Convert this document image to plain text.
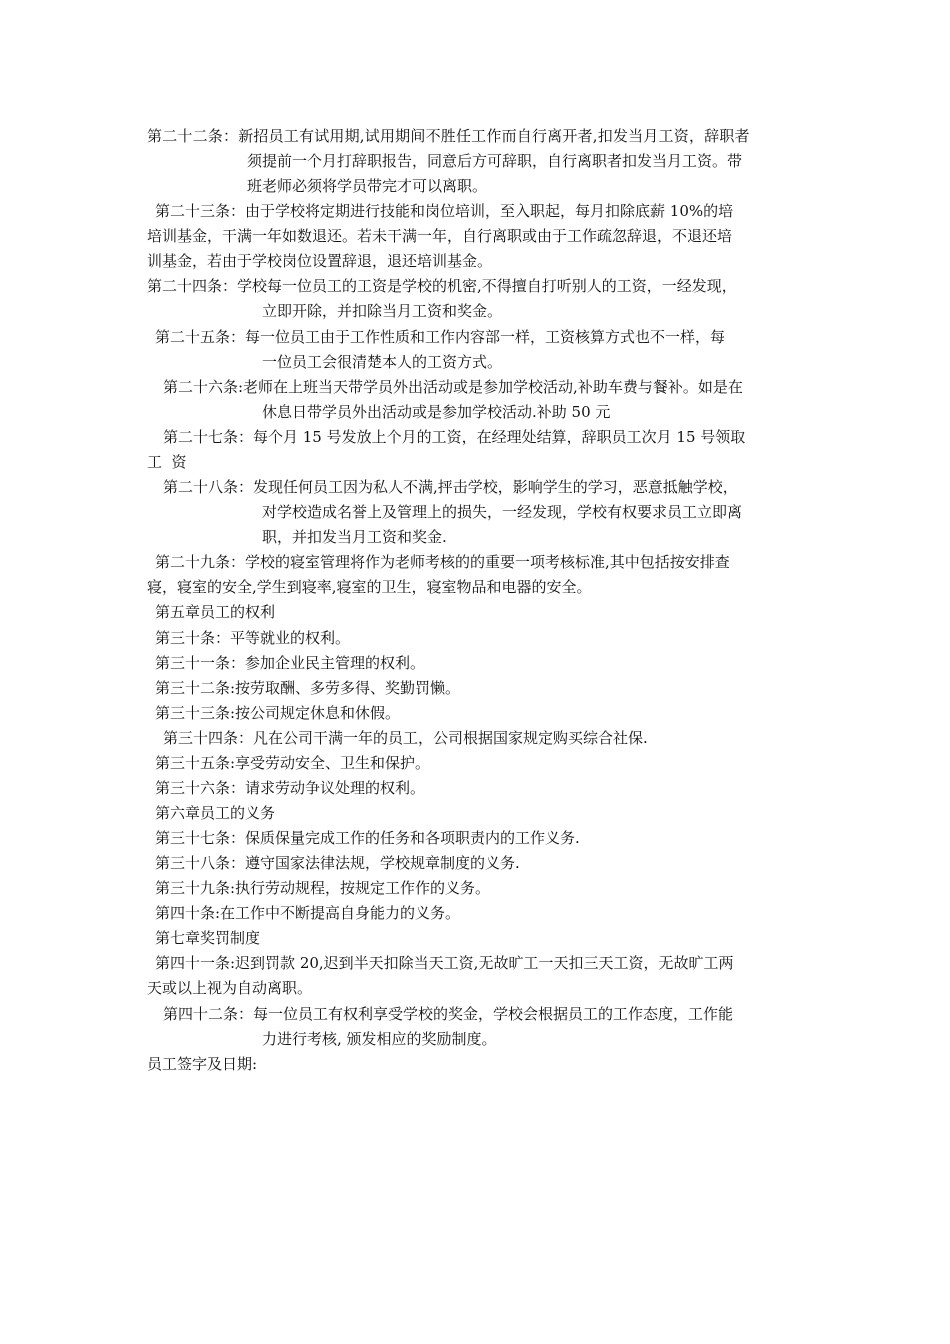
第二十二条：新招员工有试用期,试用期间不胜任工作而自行离开者,扣发当月工资，辞职者
须提前一个月打辞职报告，同意后方可辞职，自行离职者扣发当月工资。带
班老师必须将学员带完才可以离职。
第二十三条：由于学校将定期进行技能和岗位培训，至入职起，每月扣除底薪 10%的培
培训基金，干满一年如数退还。若未干满一年，自行离职或由于工作疏忽辞退，不退还培
训基金，若由于学校岗位设置辞退，退还培训基金。
第二十四条：学校每一位员工的工资是学校的机密,不得擅自打听别人的工资，一经发现，
立即开除，并扣除当月工资和奖金。
第二十五条：每一位员工由于工作性质和工作内容部一样，工资核算方式也不一样，每
一位员工会很清楚本人的工资方式。
第二十六条:老师在上班当天带学员外出活动或是参加学校活动,补助车费与餐补。如是在
休息日带学员外出活动或是参加学校活动.补助 50 元
第二十七条：每个月 15 号发放上个月的工资，在经理处结算，辞职员工次月 15 号领取
工  资
第二十八条：发现任何员工因为私人不满,抨击学校，影响学生的学习，恶意抵触学校，
对学校造成名誉上及管理上的损失，一经发现，学校有权要求员工立即离
职，并扣发当月工资和奖金.
第二十九条：学校的寝室管理将作为老师考核的的重要一项考核标准,其中包括按安排查
寝，寝室的安全,学生到寝率,寝室的卫生，寝室物品和电器的安全。
第五章员工的权利
第三十条：平等就业的权利。
第三十一条：参加企业民主管理的权利。
第三十二条:按劳取酬、多劳多得、奖勤罚懒。
第三十三条:按公司规定休息和休假。
第三十四条：凡在公司干满一年的员工，公司根据国家规定购买综合社保.
第三十五条:享受劳动安全、卫生和保护。
第三十六条：请求劳动争议处理的权利。
第六章员工的义务
第三十七条：保质保量完成工作的任务和各项职责内的工作义务.
第三十八条：遵守国家法律法规，学校规章制度的义务.
第三十九条:执行劳动规程，按规定工作作的义务。
第四十条:在工作中不断提高自身能力的义务。
第七章奖罚制度
第四十一条:迟到罚款 20,迟到半天扣除当天工资,无故旷工一天扣三天工资，无故旷工两
天或以上视为自动离职。
第四十二条：每一位员工有权利享受学校的奖金，学校会根据员工的工作态度，工作能
力进行考核, 颁发相应的奖励制度。
员工签字及日期:
